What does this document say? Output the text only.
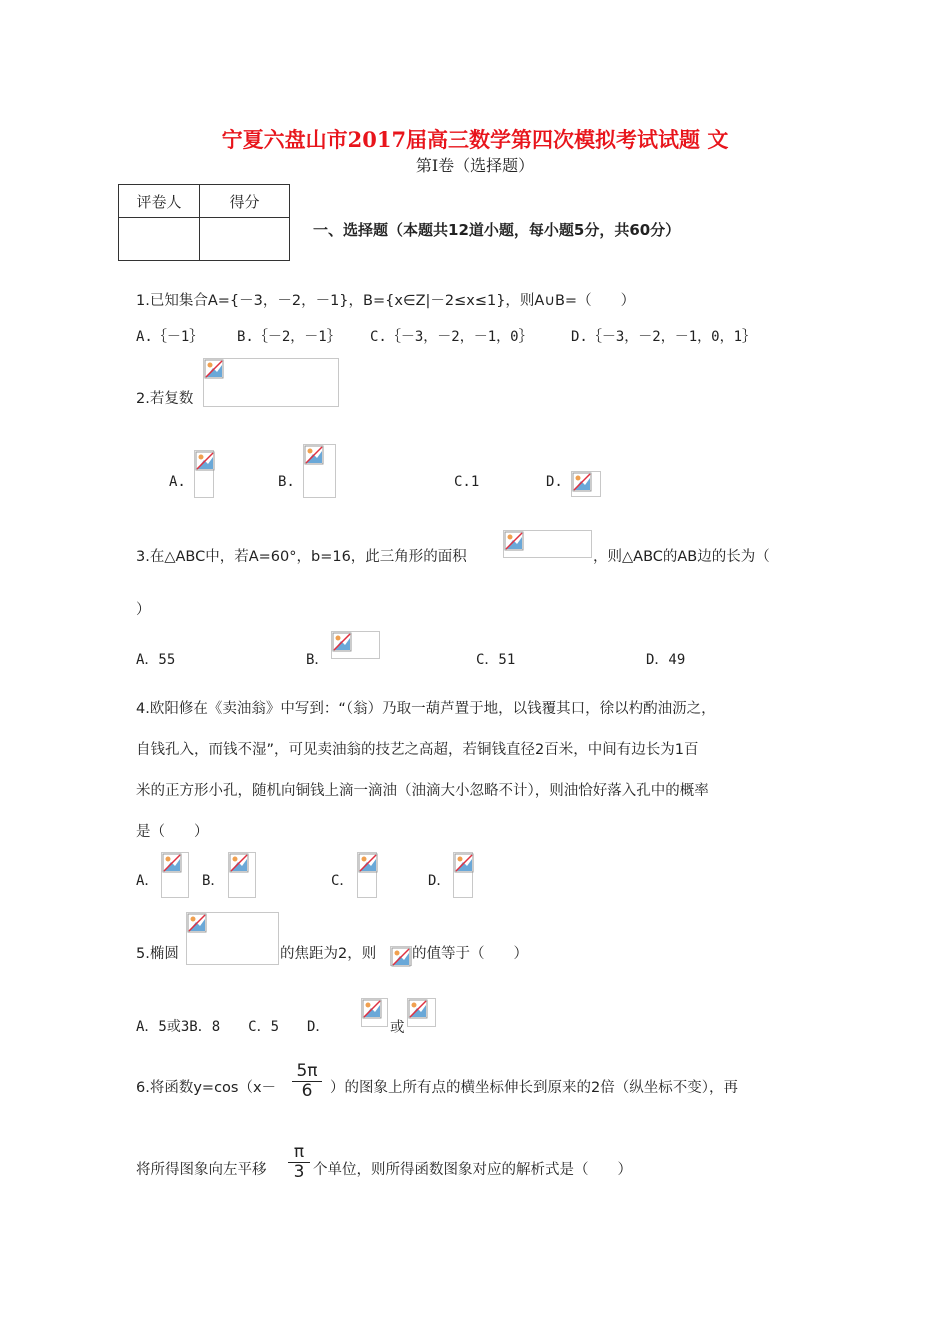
宁夏六盘山市2017届高三数学第四次模拟考试试题 文
第Ⅰ卷（选择题）
评卷人	得分

一、选择题（本题共12道小题，每小题5分，共60分）
1.已知集合A={－3，－2，－1}，B={x∈Z|－2≤x≤1}，则A∪B=（　　）
A.｛－1｝ B.｛－2，－1｝ C.｛－3，－2，－1，0｝	D.｛－3，－2，－1，0，1｝
2.若复数
A.	B.	C.1	D.
3.在△ABC中，若A=60°，b=16，此三角形的面积	，则△ABC的AB边的长为（
）
A．55	B．	C．51	D．49
4.欧阳修在《卖油翁》中写到：“（翁）乃取一葫芦置于地，以钱覆其口，徐以杓酌油沥之，
自钱孔入，而钱不湿”，可见卖油翁的技艺之高超，若铜钱直径2百米，中间有边长为1百
米的正方形小孔，随机向铜钱上滴一滴油（油滴大小忽略不计），则油恰好落入孔中的概率
是（　　）
A．	B．	C．	D．
5.椭圆	的焦距为2，则 的值等于（　　）
A．5或3B．8　　C．5　　D．	或
6.将函数$y=\cos(x- \frac{5\pi}{6}$ ）的图象上所有点的横坐标伸长到原来的2倍（纵坐标不变），再
将所得图象向左平移 $\frac{\pi}{3}$ 个单位，则所得函数图象对应的解析式是（　　）
